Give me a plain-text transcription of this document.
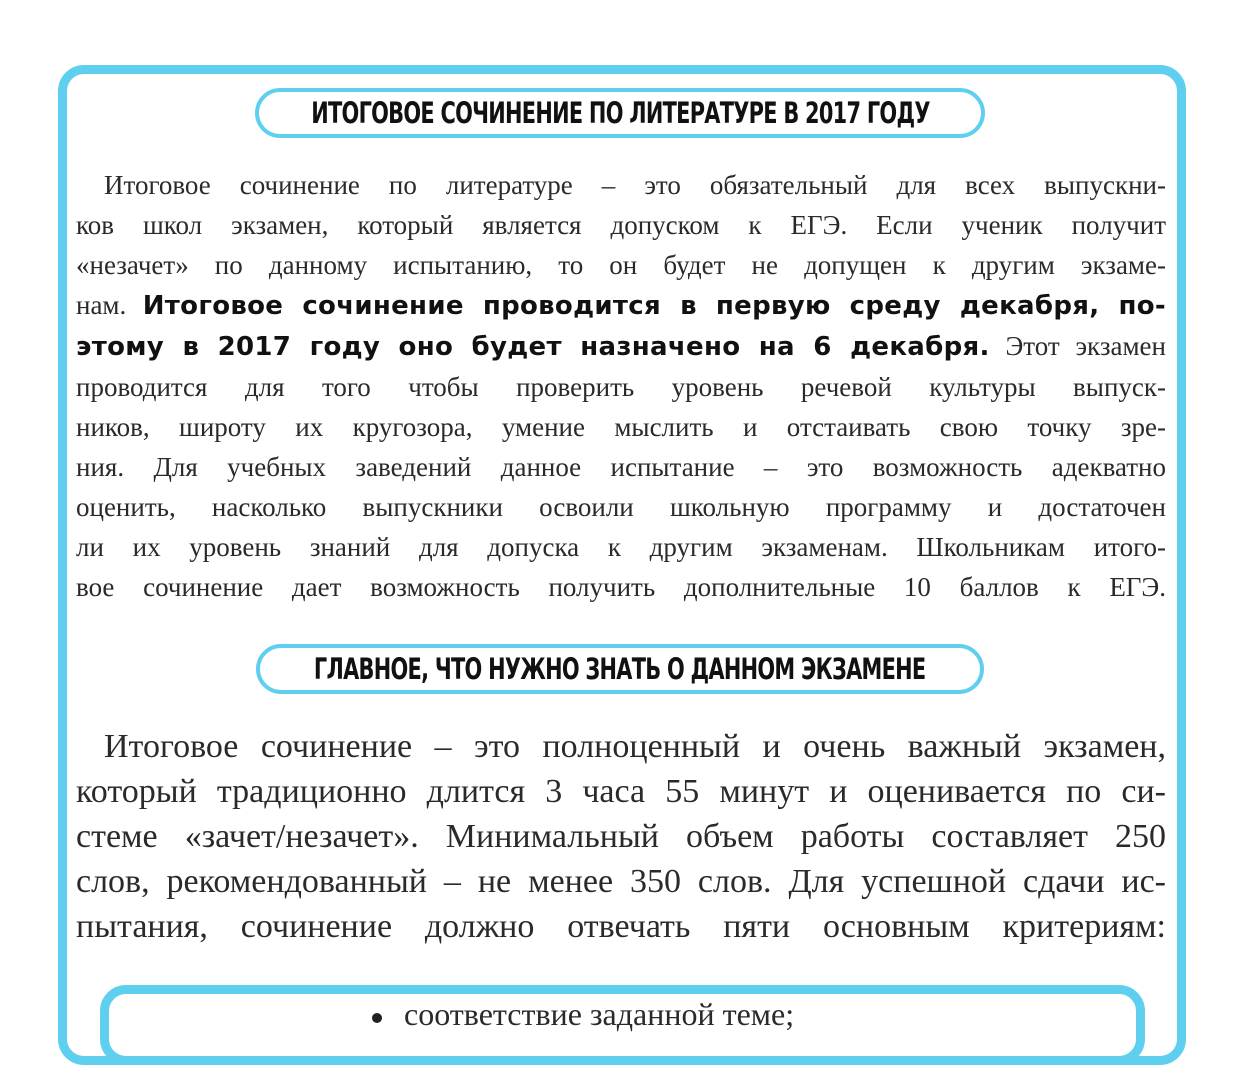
ИТОГОВОЕ СОЧИНЕНИЕ ПО ЛИТЕРАТУРЕ В 2017 ГОДУ
Итоговое сочинение по литературе – это обязательный для всех выпускни-
ков школ экзамен, который является допуском к ЕГЭ. Если ученик получит
«незачет» по данному испытанию, то он будет не допущен к другим экзаме-
нам. Итоговое сочинение проводится в первую среду декабря, по-
этому в 2017 году оно будет назначено на 6 декабря. Этот экзамен
проводится для того чтобы проверить уровень речевой культуры выпуск-
ников, широту их кругозора, умение мыслить и отстаивать свою точку зре-
ния. Для учебных заведений данное испытание – это возможность адекватно
оценить, насколько выпускники освоили школьную программу и достаточен
ли их уровень знаний для допуска к другим экзаменам. Школьникам итого-
вое сочинение дает возможность получить дополнительные 10 баллов к ЕГЭ.
ГЛАВНОЕ, ЧТО НУЖНО ЗНАТЬ О ДАННОМ ЭКЗАМЕНЕ
Итоговое сочинение – это полноценный и очень важный экзамен,
который традиционно длится 3 часа 55 минут и оценивается по си-
стеме «зачет/незачет». Минимальный объем работы составляет 250
слов, рекомендованный – не менее 350 слов. Для успешной сдачи ис-
пытания, сочинение должно отвечать пяти основным критериям:
соответствие заданной теме;
